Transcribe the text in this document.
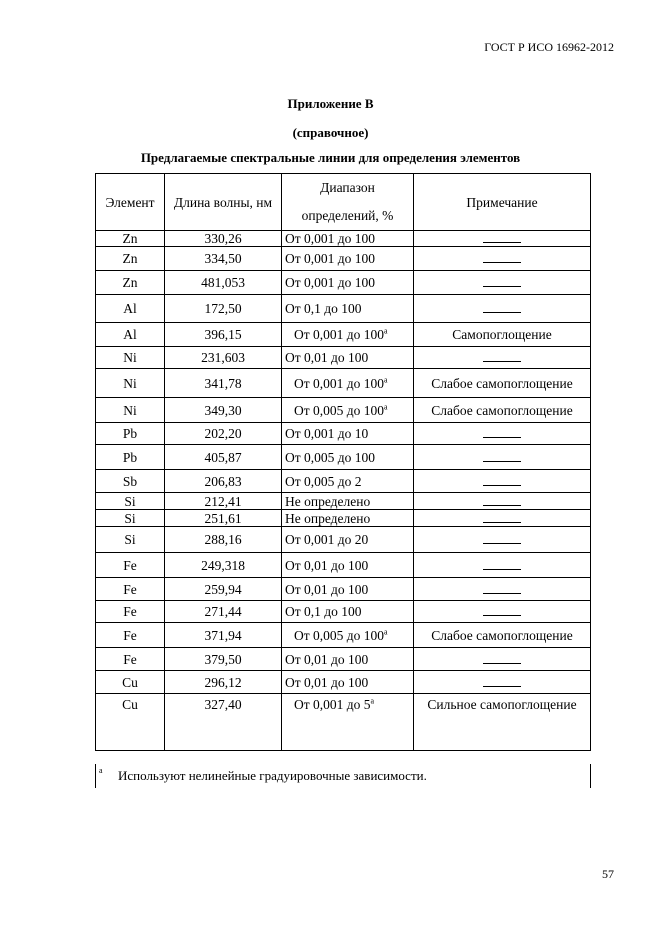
ГОСТ Р ИСО 16962-2012
Приложение В
(справочное)
Предлагаемые спектральные линии для определения элементов
Элемент	Длина волны, нм	Диапазон определений, %	Примечание
Zn	330,26	От 0,001 до 100	
Zn	334,50	От 0,001 до 100	
Zn	481,053	От 0,001 до 100	
Al	172,50	От 0,1 до 100	
Al	396,15	От 0,001 до 100$^a$	Самопоглощение
Ni	231,603	От 0,01 до 100	
Ni	341,78	От 0,001 до 100$^a$	Слабое самопоглощение
Ni	349,30	От 0,005 до 100$^a$	Слабое самопоглощение
Pb	202,20	От 0,001 до 10	
Pb	405,87	От 0,005 до 100	
Sb	206,83	От 0,005 до 2	
Si	212,41	Не определено	
Si	251,61	Не определено	
Si	288,16	От 0,001 до 20	
Fe	249,318	От 0,01 до 100	
Fe	259,94	От 0,01 до 100	
Fe	271,44	От 0,1 до 100	
Fe	371,94	От 0,005 до 100$^a$	Слабое самопоглощение
Fe	379,50	От 0,01 до 100	
Cu	296,12	От 0,01 до 100	
Cu	327,40	От 0,001 до 5$^a$	Сильное самопоглощение
a Используют нелинейные градуировочные зависимости.
57
